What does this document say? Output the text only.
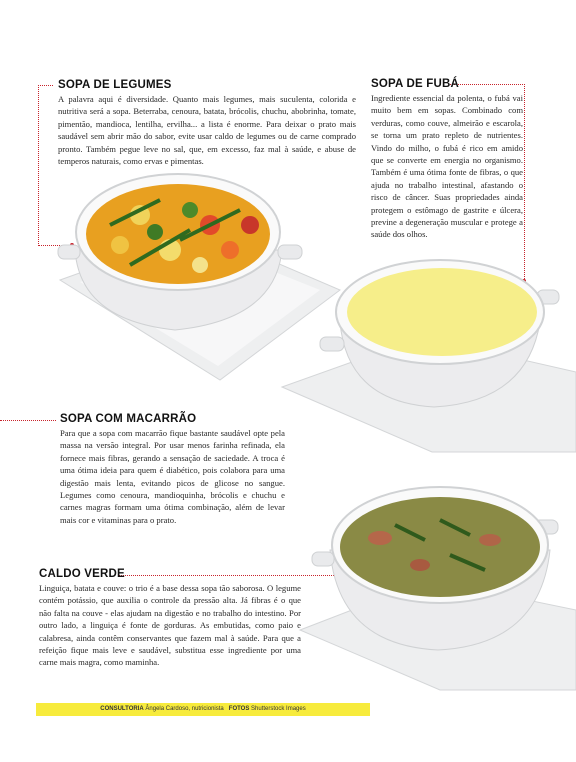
SOPA DE LEGUMES

A palavra aqui é diversidade. Quanto mais legumes, mais suculenta, colorida e nutritiva será a sopa. Beterraba, cenoura, batata, brócolis, chuchu, abobrinha, tomate, pimentão, mandioca, lentilha, ervilha... a lista é enorme. Para deixar o prato mais saudável sem abrir mão do sabor, evite usar caldo de legumes ou de carne comprado pronto. Também pegue leve no sal, que, em excesso, faz mal à saúde, e abuse de temperos naturais, como ervas e pimentas.

SOPA DE FUBÁ

Ingrediente essencial da polenta, o fubá vai muito bem em sopas. Combinado com verduras, como couve, almeirão e escarola, se torna um prato repleto de nutrientes. Vindo do milho, o fubá é rico em amido que se converte em energia no organismo. Também é uma ótima fonte de fibras, o que ajuda no trabalho intestinal, afastando o risco de câncer. Suas propriedades ainda protegem o estômago de gastrite e úlcera, previne a degeneração muscular e protege a saúde dos olhos.

SOPA COM MACARRÃO

Para que a sopa com macarrão fique bastante saudável opte pela massa na versão integral. Por usar menos farinha refinada, ela fornece mais fibras, gerando a sensação de saciedade. A troca é uma ótima ideia para quem é diabético, pois colabora para uma digestão mais lenta, evitando picos de glicose no sangue. Legumes como cenoura, mandioquinha, brócolis e chuchu e carnes magras formam uma ótima combinação, além de levar mais cor e vitaminas para o prato.

CALDO VERDE

Linguiça, batata e couve: o trio é a base dessa sopa tão saborosa. O legume contém potássio, que auxilia o controle da pressão alta. Já fibras é o que não falta na couve - elas ajudam na digestão e no trabalho do intestino. Por outro lado, a linguiça é fonte de gorduras. As embutidas, como paio e calabresa, ainda contêm conservantes que fazem mal à saúde. Para que a refeição fique mais leve e saudável, substitua esse ingrediente por uma carne mais magra, como maminha.

CONSULTORIA Ângela Cardoso, nutricionista FOTOS Shutterstock Images
